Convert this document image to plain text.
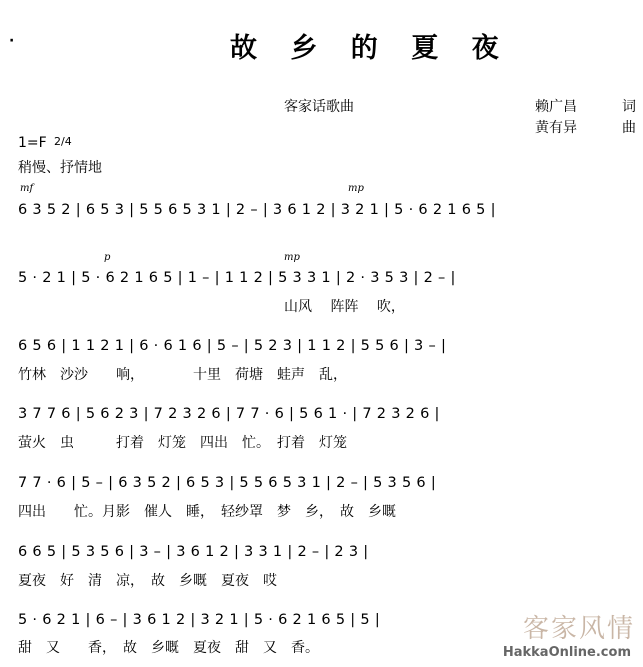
·	故 乡 的 夏 夜
客家话歌曲	赖广昌	词
黄有异	曲
1=F 2/4
稍慢、抒情地
mf	mp
p	mp
6 3 5 2 | 6 5 3 | 5 5 6 5 3 1 | 2 – | 3 6 1 2 | 3 2 1 | 5 · 6 2 1 6 5 |
5 · 2 1 | 5 · 6 2 1 6 5 | 1 – | 1 1 2 | 5 3 3 1 | 2 · 3 5 3 | 2 – |
6 5 6 | 1 1 2 1 | 6 · 6 1 6 | 5 – | 5 2 3 | 1 1 2 | 5 5 6 | 3 – |
3 7 7 6 | 5 6 2 3 | 7 2 3 2 6 | 7 7 · 6 | 5 6 1 · | 7 2 3 2 6 |
7 7 · 6 | 5 – | 6 3 5 2 | 6 5 3 | 5 5 6 5 3 1 | 2 – | 5 3 5 6 |
6 6 5 | 5 3 5 6 | 3 – | 3 6 1 2 | 3 3 1 | 2 – | 2 3 |
5 · 6 2 1 | 6 – | 3 6 1 2 | 3 2 1 | 5 · 6 2 1 6 5 | 5 |
山风　 阵阵　 吹，
竹林　沙沙　　响，　　　　十里　荷塘　蛙声　乱，
萤火　虫　　　打着　灯笼　四出　忙。　打着　灯笼
四出　　忙。月影　催人　睡，　轻纱罩　梦　乡，　故　乡嘅
夏夜　好　清　凉，　故　乡嘅　夏夜　哎
甜　又　　香，　故　乡嘅　夏夜　甜　又　香。
客家风情
HakkaOnline.com
